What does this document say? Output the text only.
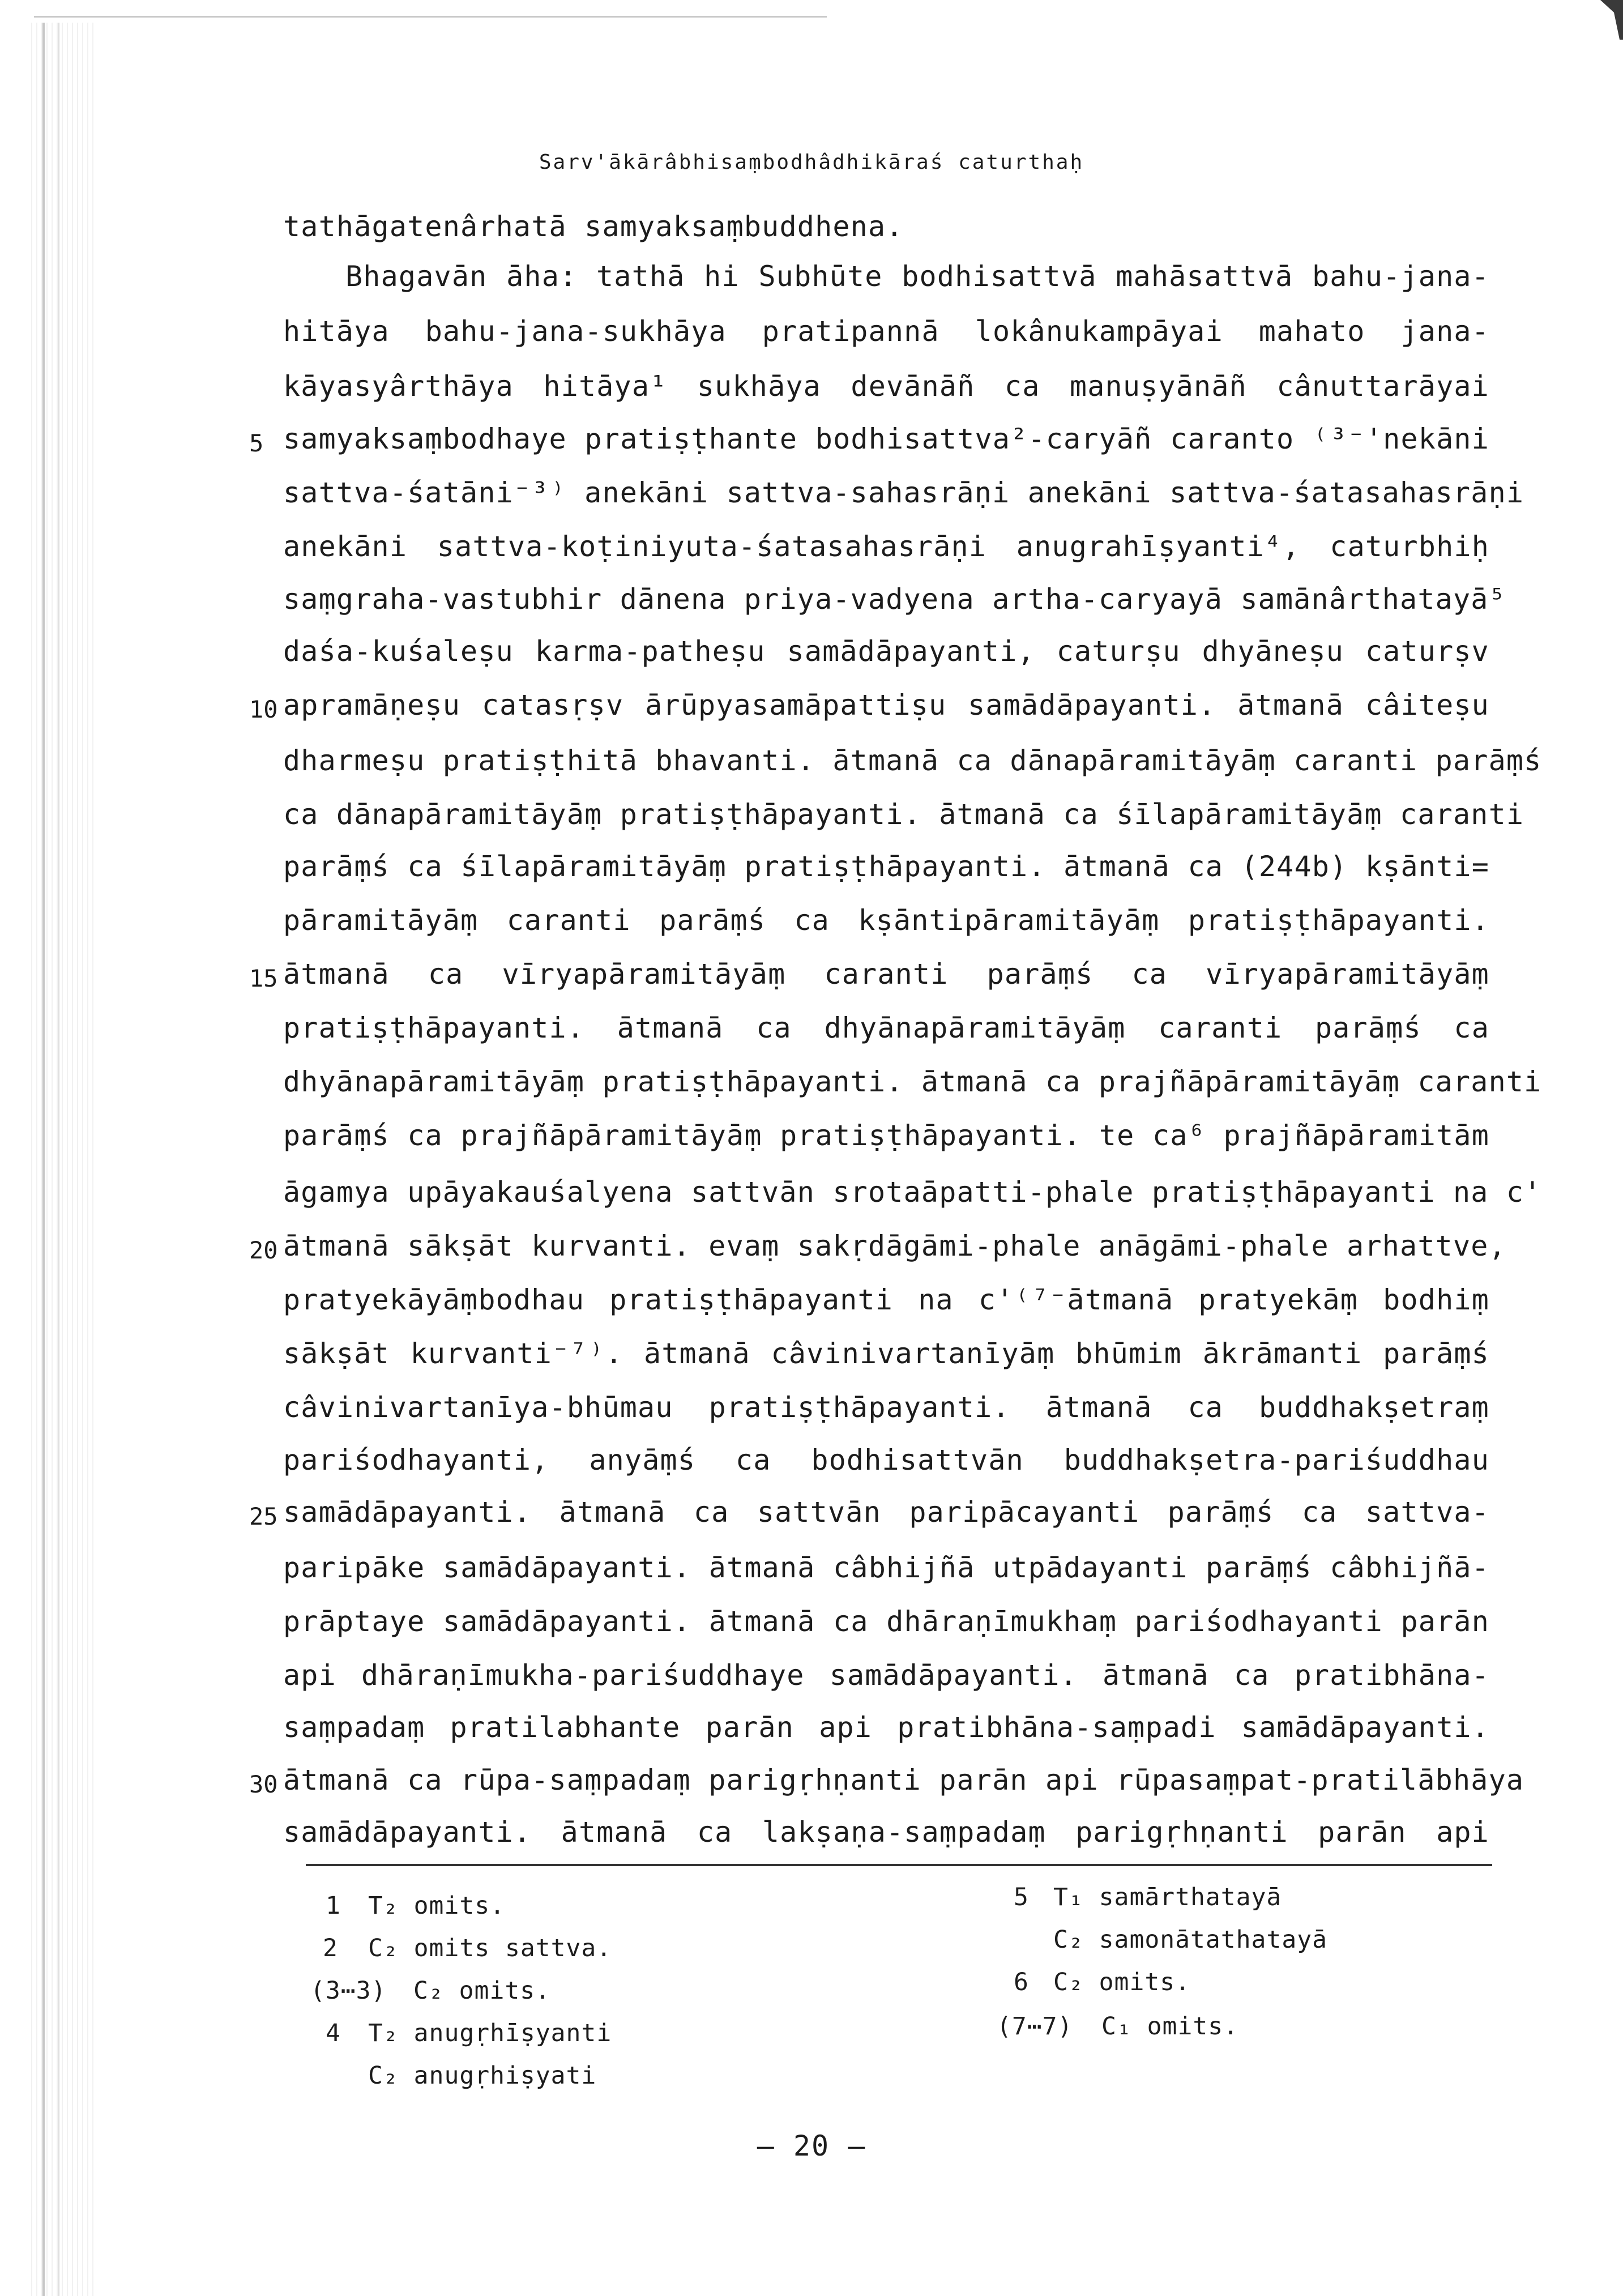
Sarv'ākārâbhisaṃbodhâdhikāraś caturthaḥ
tathāgatenârhatā samyaksaṃbuddhena.
Bhagavān āha: tathā hi Subhūte bodhisattvā mahāsattvā bahu-jana-
hitāya bahu-jana-sukhāya pratipannā lokânukampāyai mahato jana-
kāyasyârthāya hitāya¹ sukhāya devānāñ ca manuṣyānāñ cânuttarāyai
samyaksaṃbodhaye pratiṣṭhante bodhisattva²-caryāñ caranto ⁽³⁻'nekāni
sattva-śatāni⁻³⁾ anekāni sattva-sahasrāṇi anekāni sattva-śatasahasrāṇi
anekāni sattva-koṭiniyuta-śatasahasrāṇi anugrahīṣyanti⁴, caturbhiḥ
saṃgraha-vastubhir dānena priya-vadyena artha-caryayā samānârthatayā⁵
daśa-kuśaleṣu karma-patheṣu samādāpayanti, caturṣu dhyāneṣu caturṣv
apramāṇeṣu catasṛṣv ārūpyasamāpattiṣu samādāpayanti. ātmanā câiteṣu
dharmeṣu pratiṣṭhitā bhavanti. ātmanā ca dānapāramitāyāṃ caranti parāṃś
ca dānapāramitāyāṃ pratiṣṭhāpayanti. ātmanā ca śīlapāramitāyāṃ caranti
parāṃś ca śīlapāramitāyāṃ pratiṣṭhāpayanti. ātmanā ca (244b) kṣānti=
pāramitāyāṃ caranti parāṃś ca kṣāntipāramitāyāṃ pratiṣṭhāpayanti.
ātmanā ca vīryapāramitāyāṃ caranti parāṃś ca vīryapāramitāyāṃ
pratiṣṭhāpayanti. ātmanā ca dhyānapāramitāyāṃ caranti parāṃś ca
dhyānapāramitāyāṃ pratiṣṭhāpayanti. ātmanā ca prajñāpāramitāyāṃ caranti
parāṃś ca prajñāpāramitāyāṃ pratiṣṭhāpayanti. te ca⁶ prajñāpāramitām
āgamya upāyakauśalyena sattvān srotaāpatti-phale pratiṣṭhāpayanti na c'
ātmanā sākṣāt kurvanti. evaṃ sakṛdāgāmi-phale anāgāmi-phale arhattve,
pratyekāyāṃbodhau pratiṣṭhāpayanti na c'⁽⁷⁻ātmanā pratyekāṃ bodhiṃ
sākṣāt kurvanti⁻⁷⁾. ātmanā câvinivartanīyāṃ bhūmim ākrāmanti parāṃś
câvinivartanīya-bhūmau pratiṣṭhāpayanti. ātmanā ca buddhakṣetraṃ
pariśodhayanti, anyāṃś ca bodhisattvān buddhakṣetra-pariśuddhau
samādāpayanti. ātmanā ca sattvān paripācayanti parāṃś ca sattva-
paripāke samādāpayanti. ātmanā câbhijñā utpādayanti parāṃś câbhijñā-
prāptaye samādāpayanti. ātmanā ca dhāraṇīmukhaṃ pariśodhayanti parān
api dhāraṇīmukha-pariśuddhaye samādāpayanti. ātmanā ca pratibhāna-
saṃpadaṃ pratilabhante parān api pratibhāna-saṃpadi samādāpayanti.
ātmanā ca rūpa-saṃpadaṃ parigṛhṇanti parān api rūpasaṃpat-pratilābhāya
samādāpayanti. ātmanā ca lakṣaṇa-saṃpadaṃ parigṛhṇanti parān api
5
10
15
20
25
30
1 T₂ omits.
2 C₂ omits sattva.
(3⋯3) C₂ omits.
4 T₂ anugṛhīṣyanti
C₂ anugṛhiṣyati
5 T₁ samārthatayā
C₂ samonātathatayā
6 C₂ omits.
(7⋯7) C₁ omits.
— 20 —
